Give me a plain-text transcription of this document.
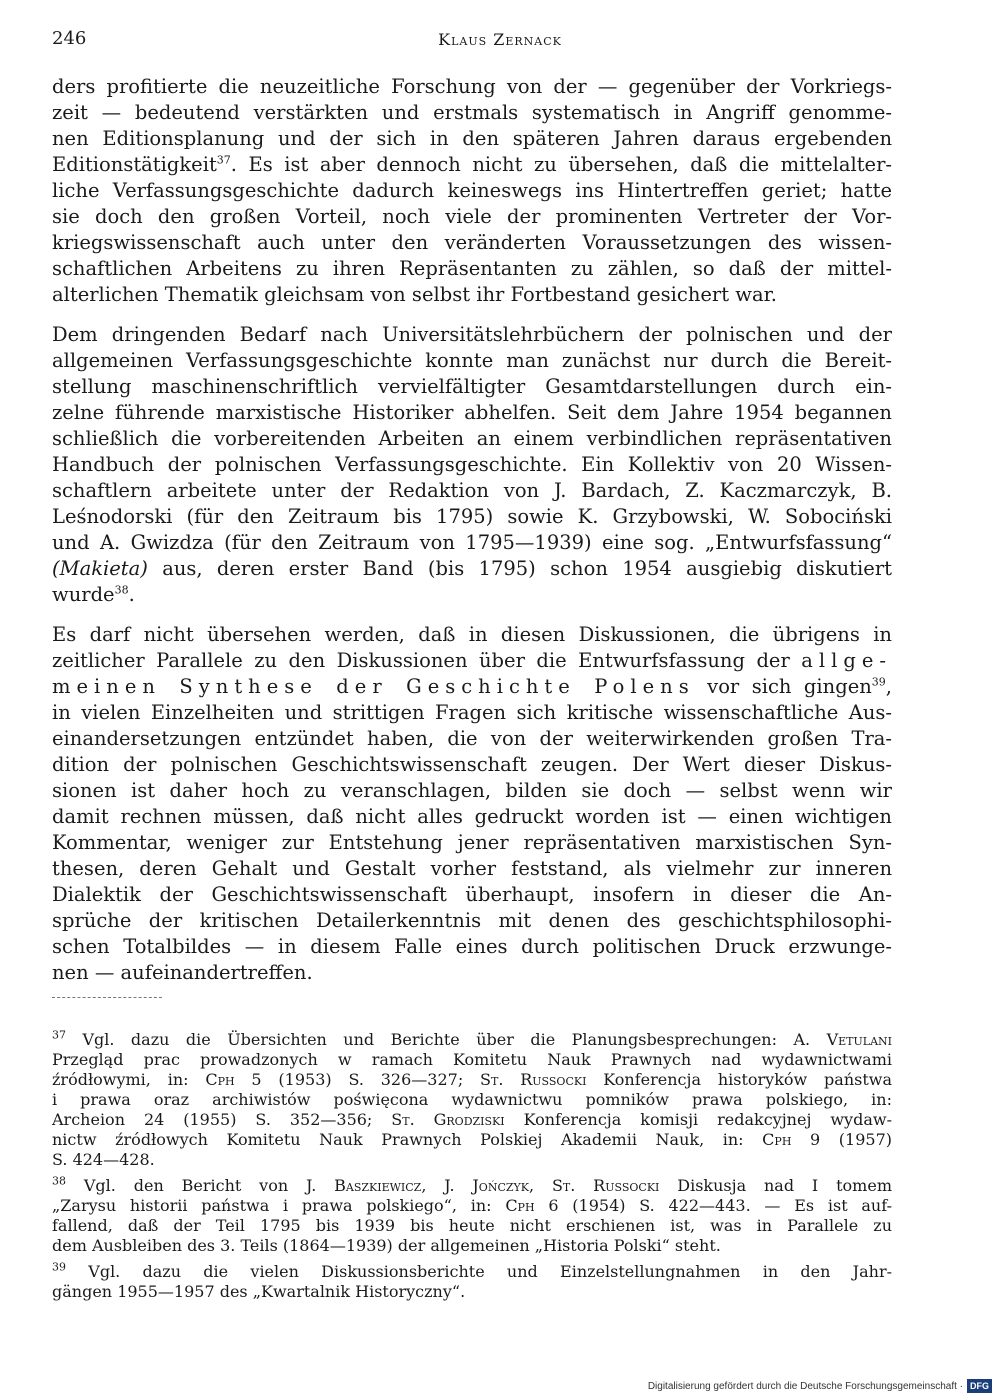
246	Klaus Zernack

ders profitierte die neuzeitliche Forschung von der — gegenüber der Vorkriegs-
zeit — bedeutend verstärkten und erstmals systematisch in Angriff genomme-
nen Editionsplanung und der sich in den späteren Jahren daraus ergebenden
Editionstätigkeit$^{37}$. Es ist aber dennoch nicht zu übersehen, daß die mittelalter-
liche Verfassungsgeschichte dadurch keineswegs ins Hintertreffen geriet; hatte
sie doch den großen Vorteil, noch viele der prominenten Vertreter der Vor-
kriegswissenschaft auch unter den veränderten Voraussetzungen des wissen-
schaftlichen Arbeitens zu ihren Repräsentanten zu zählen, so daß der mittel-
alterlichen Thematik gleichsam von selbst ihr Fortbestand gesichert war.

Dem dringenden Bedarf nach Universitätslehrbüchern der polnischen und der
allgemeinen Verfassungsgeschichte konnte man zunächst nur durch die Bereit-
stellung maschinenschriftlich vervielfältigter Gesamtdarstellungen durch ein-
zelne führende marxistische Historiker abhelfen. Seit dem Jahre 1954 begannen
schließlich die vorbereitenden Arbeiten an einem verbindlichen repräsentativen
Handbuch der polnischen Verfassungsgeschichte. Ein Kollektiv von 20 Wissen-
schaftlern arbeitete unter der Redaktion von J. Bardach, Z. Kaczmarczyk, B.
Leśnodorski (für den Zeitraum bis 1795) sowie K. Grzybowski, W. Sobociński
und A. Gwizdza (für den Zeitraum von 1795—1939) eine sog. „Entwurfsfassung“
(Makieta) aus, deren erster Band (bis 1795) schon 1954 ausgiebig diskutiert
wurde$^{38}$.

Es darf nicht übersehen werden, daß in diesen Diskussionen, die übrigens in
zeitlicher Parallele zu den Diskussionen über die Entwurfsfassung der allge-
meinen Synthese der Geschichte Polens vor sich gingen$^{39}$,
in vielen Einzelheiten und strittigen Fragen sich kritische wissenschaftliche Aus-
einandersetzungen entzündet haben, die von der weiterwirkenden großen Tra-
dition der polnischen Geschichtswissenschaft zeugen. Der Wert dieser Diskus-
sionen ist daher hoch zu veranschlagen, bilden sie doch — selbst wenn wir
damit rechnen müssen, daß nicht alles gedruckt worden ist — einen wichtigen
Kommentar, weniger zur Entstehung jener repräsentativen marxistischen Syn-
thesen, deren Gehalt und Gestalt vorher feststand, als vielmehr zur inneren
Dialektik der Geschichtswissenschaft überhaupt, insofern in dieser die An-
sprüche der kritischen Detailerkenntnis mit denen des geschichtsphilosophi-
schen Totalbildes — in diesem Falle eines durch politischen Druck erzwunge-
nen — aufeinandertreffen.

$^{37}$ Vgl. dazu die Übersichten und Berichte über die Planungsbesprechungen: A. Vetulani
Przegląd prac prowadzonych w ramach Komitetu Nauk Prawnych nad wydawnictwami
źródłowymi, in: Cph 5 (1953) S. 326—327; St. Russocki Konferencja historyków państwa
i prawa oraz archiwistów poświęcona wydawnictwu pomników prawa polskiego, in:
Archeion 24 (1955) S. 352—356; St. Grodziski Konferencja komisji redakcyjnej wydaw-
nictw źródłowych Komitetu Nauk Prawnych Polskiej Akademii Nauk, in: Cph 9 (1957)
S. 424—428.
$^{38}$ Vgl. den Bericht von J. Baszkiewicz, J. Jończyk, St. Russocki Diskusja nad I tomem
„Zarysu historii państwa i prawa polskiego“, in: Cph 6 (1954) S. 422—443. — Es ist auf-
fallend, daß der Teil 1795 bis 1939 bis heute nicht erschienen ist, was in Parallele zu
dem Ausbleiben des 3. Teils (1864—1939) der allgemeinen „Historia Polski“ steht.
$^{39}$ Vgl. dazu die vielen Diskussionsberichte und Einzelstellungnahmen in den Jahr-
gängen 1955—1957 des „Kwartalnik Historyczny“.
Digitalisierung gefördert durch die Deutsche Forschungsgemeinschaft · DFG
